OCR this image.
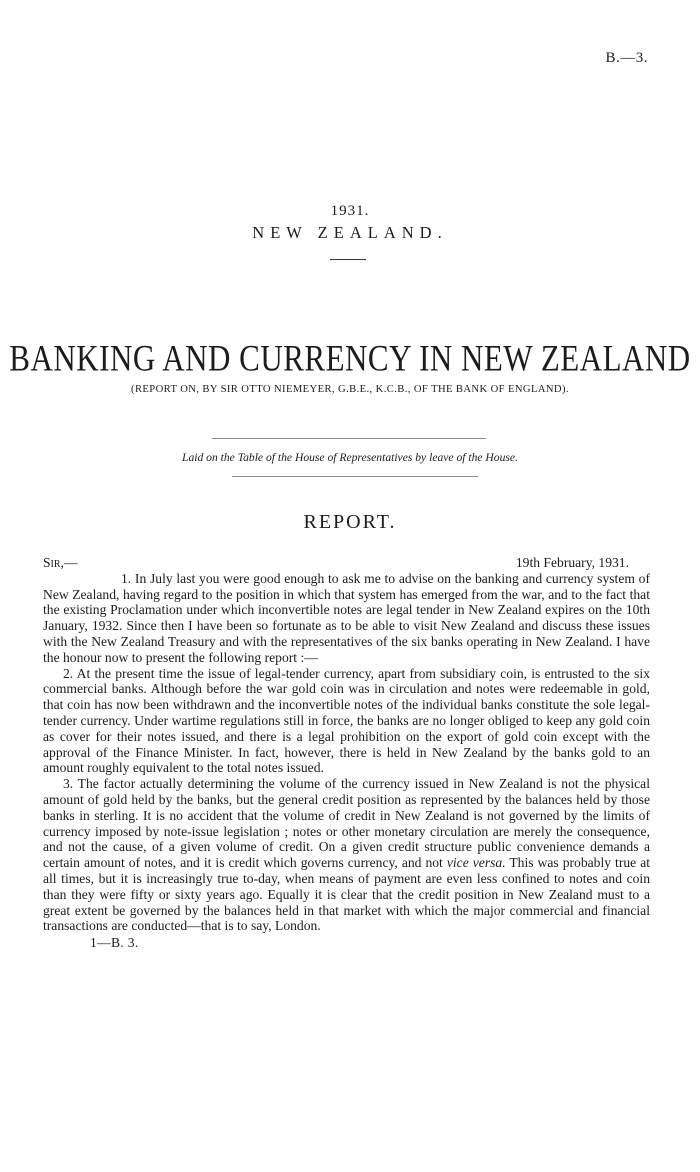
B.—3.
1931.
NEW ZEALAND.
BANKING AND CURRENCY IN NEW ZEALAND
(REPORT ON, BY SIR OTTO NIEMEYER, G.B.E., K.C.B., OF THE BANK OF ENGLAND).
Laid on the Table of the House of Representatives by leave of the House.
REPORT.
Sir,—	19th February, 1931.

1. In July last you were good enough to ask me to advise on the banking and currency system of New Zealand, having regard to the position in which that system has emerged from the war, and to the fact that the existing Proclamation under which inconvertible notes are legal tender in New Zealand expires on the 10th January, 1932. Since then I have been so fortunate as to be able to visit New Zealand and discuss these issues with the New Zealand Treasury and with the representatives of the six banks operating in New Zealand. I have the honour now to present the following report :—

2. At the present time the issue of legal-tender currency, apart from subsidiary coin, is entrusted to the six commercial banks. Although before the war gold coin was in circulation and notes were redeemable in gold, that coin has now been withdrawn and the inconvertible notes of the individual banks constitute the sole legal-tender currency. Under wartime regulations still in force, the banks are no longer obliged to keep any gold coin as cover for their notes issued, and there is a legal prohibition on the export of gold coin except with the approval of the Finance Minister. In fact, however, there is held in New Zealand by the banks gold to an amount roughly equivalent to the total notes issued.

3. The factor actually determining the volume of the currency issued in New Zealand is not the physical amount of gold held by the banks, but the general credit position as represented by the balances held by those banks in sterling. It is no accident that the volume of credit in New Zealand is not governed by the limits of currency imposed by note-issue legislation ; notes or other monetary circulation are merely the consequence, and not the cause, of a given volume of credit. On a given credit structure public convenience demands a certain amount of notes, and it is credit which governs currency, and not vice versa. This was probably true at all times, but it is increasingly true to-day, when means of payment are even less confined to notes and coin than they were fifty or sixty years ago. Equally it is clear that the credit position in New Zealand must to a great extent be governed by the balances held in that market with which the major commercial and financial transactions are conducted—that is to say, London.

1—B. 3.
